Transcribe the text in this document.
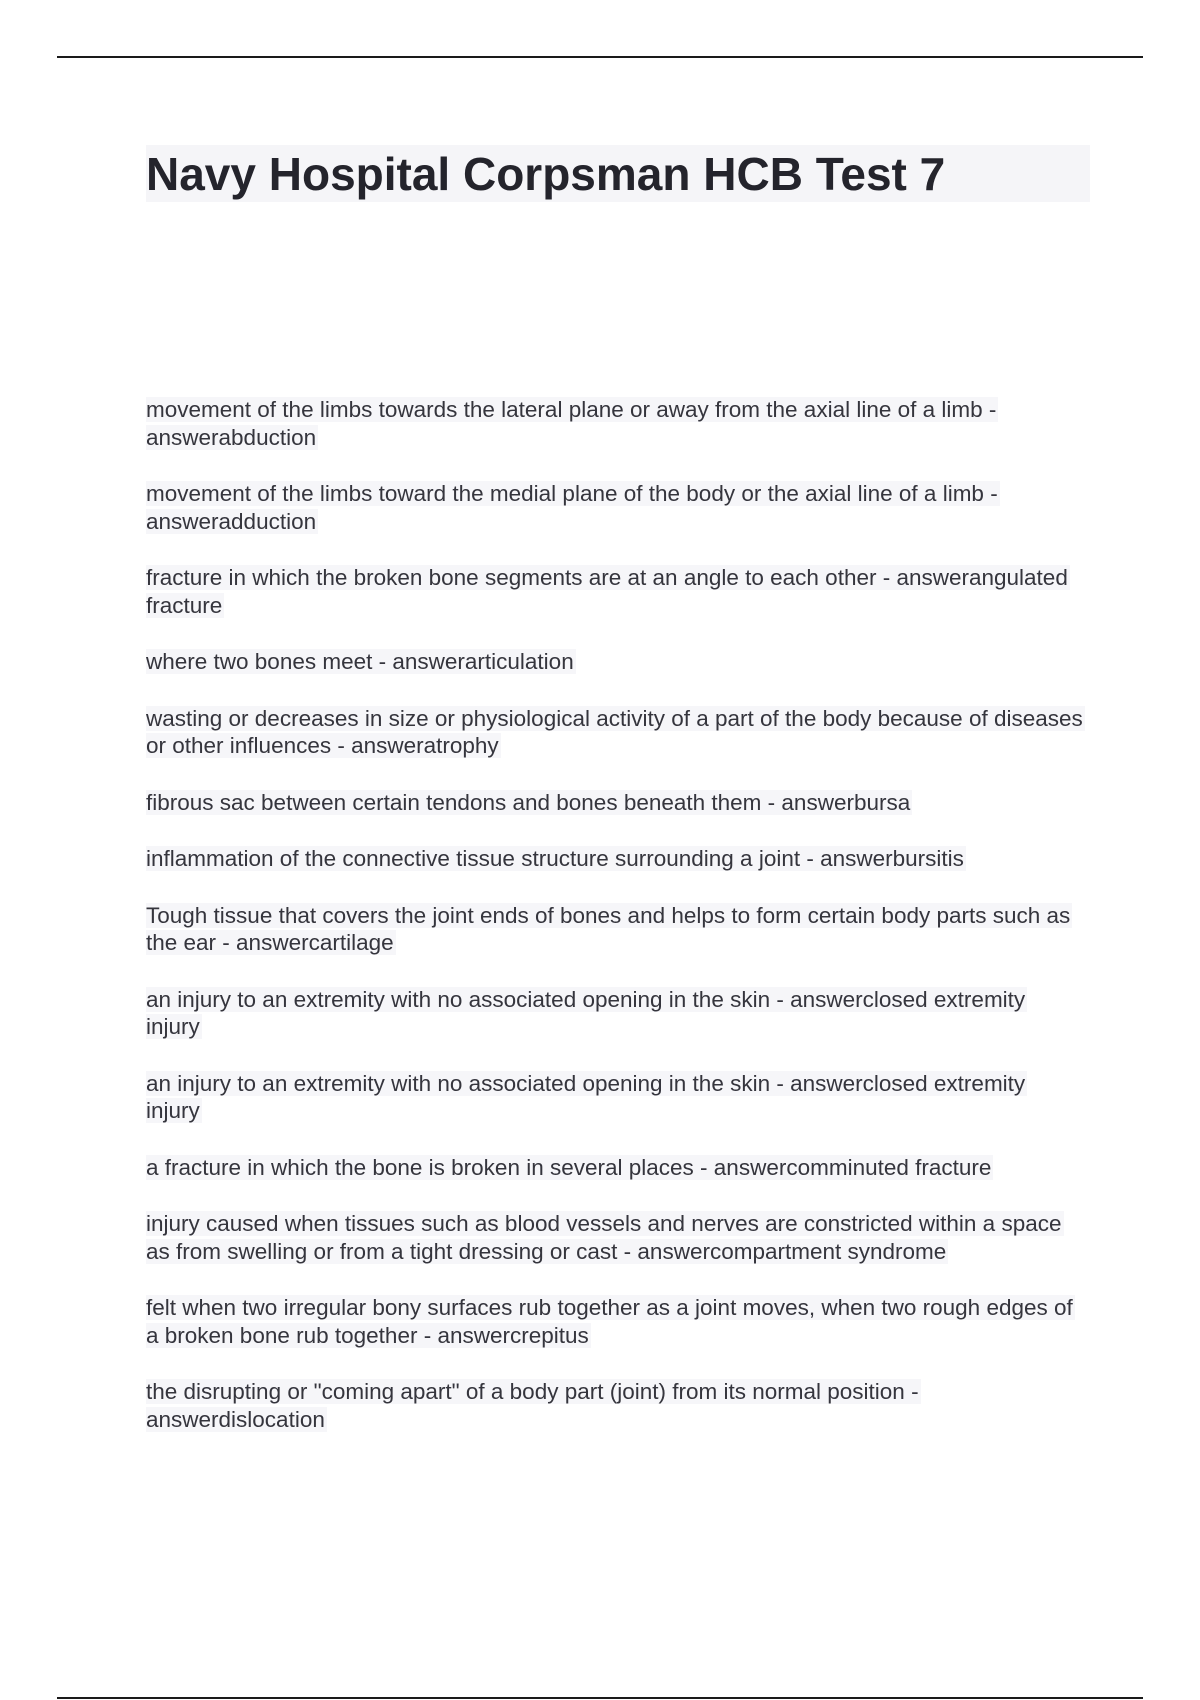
Navy Hospital Corpsman HCB Test 7
movement of the limbs towards the lateral plane or away from the axial line of a limb - answerabduction
movement of the limbs toward the medial plane of the body or the axial line of a limb - answeradduction
fracture in which the broken bone segments are at an angle to each other - answerangulated fracture
where two bones meet - answerarticulation
wasting or decreases in size or physiological activity of a part of the body because of diseases or other influences - answeratrophy
fibrous sac between certain tendons and bones beneath them - answerbursa
inflammation of the connective tissue structure surrounding a joint - answerbursitis
Tough tissue that covers the joint ends of bones and helps to form certain body parts such as the ear - answercartilage
an injury to an extremity with no associated opening in the skin - answerclosed extremity injury
an injury to an extremity with no associated opening in the skin - answerclosed extremity injury
a fracture in which the bone is broken in several places - answercomminuted fracture
injury caused when tissues such as blood vessels and nerves are constricted within a space as from swelling or from a tight dressing or cast - answercompartment syndrome
felt when two irregular bony surfaces rub together as a joint moves, when two rough edges of a broken bone rub together - answercrepitus
the disrupting or "coming apart" of a body part (joint) from its normal position - answerdislocation
